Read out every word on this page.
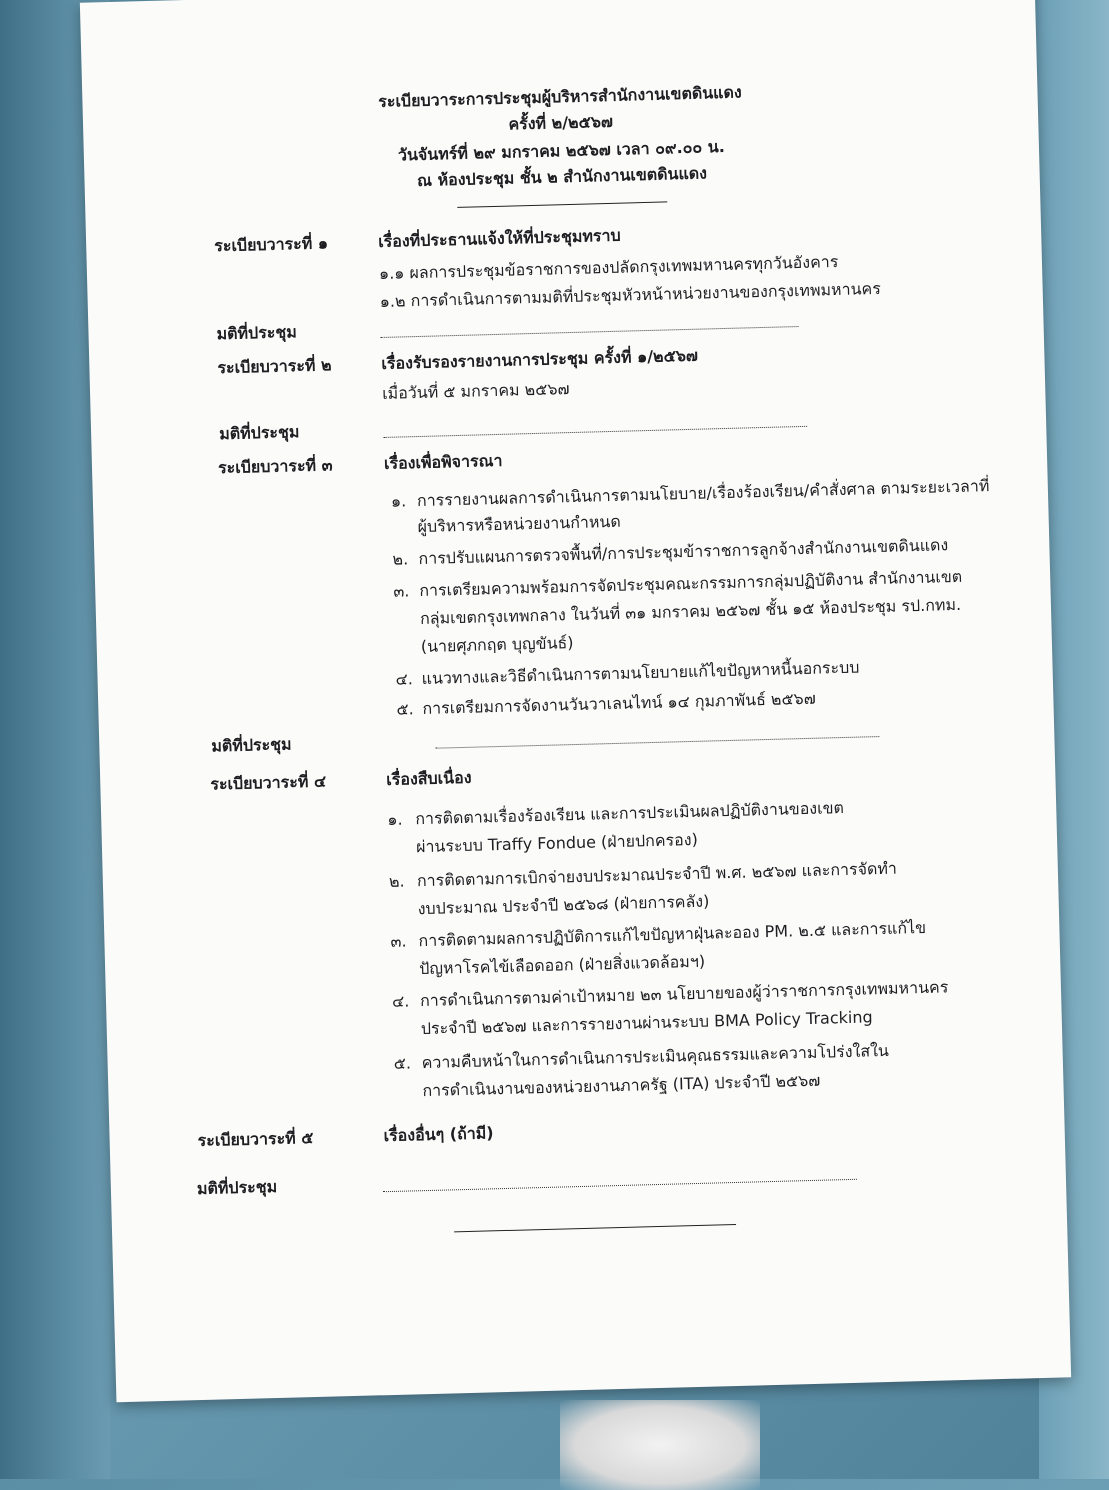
ระเบียบวาระการประชุมผู้บริหารสำนักงานเขตดินแดง
ครั้งที่ ๒/๒๕๖๗
วันจันทร์ที่ ๒๙ มกราคม ๒๕๖๗ เวลา ๐๙.๐๐ น.
ณ ห้องประชุม ชั้น ๒ สำนักงานเขตดินแดง
ระเบียบวาระที่ ๑	เรื่องที่ประธานแจ้งให้ที่ประชุมทราบ
๑.๑ ผลการประชุมข้อราชการของปลัดกรุงเทพมหานครทุกวันอังคาร
๑.๒ การดำเนินการตามมติที่ประชุมหัวหน้าหน่วยงานของกรุงเทพมหานคร
มติที่ประชุม
ระเบียบวาระที่ ๒	เรื่องรับรองรายงานการประชุม ครั้งที่ ๑/๒๕๖๗
เมื่อวันที่ ๕ มกราคม ๒๕๖๗
มติที่ประชุม
ระเบียบวาระที่ ๓	เรื่องเพื่อพิจารณา
๑. การรายงานผลการดำเนินการตามนโยบาย/เรื่องร้องเรียน/คำสั่งศาล ตามระยะเวลาที่
ผู้บริหารหรือหน่วยงานกำหนด
๒. การปรับแผนการตรวจพื้นที่/การประชุมข้าราชการลูกจ้างสำนักงานเขตดินแดง
๓. การเตรียมความพร้อมการจัดประชุมคณะกรรมการกลุ่มปฏิบัติงาน สำนักงานเขต
กลุ่มเขตกรุงเทพกลาง ในวันที่ ๓๑ มกราคม ๒๕๖๗ ชั้น ๑๕ ห้องประชุม รป.กทม.
(นายศุภกฤต บุญขันธ์)
๔. แนวทางและวิธีดำเนินการตามนโยบายแก้ไขปัญหาหนี้นอกระบบ
๕. การเตรียมการจัดงานวันวาเลนไทน์ ๑๔ กุมภาพันธ์ ๒๕๖๗
มติที่ประชุม
ระเบียบวาระที่ ๔	เรื่องสืบเนื่อง
๑. การติดตามเรื่องร้องเรียน และการประเมินผลปฏิบัติงานของเขต
ผ่านระบบ Traffy Fondue (ฝ่ายปกครอง)
๒. การติดตามการเบิกจ่ายงบประมาณประจำปี พ.ศ. ๒๕๖๗ และการจัดทำ
งบประมาณ ประจำปี ๒๕๖๘ (ฝ่ายการคลัง)
๓. การติดตามผลการปฏิบัติการแก้ไขปัญหาฝุ่นละออง PM. ๒.๕ และการแก้ไข
ปัญหาโรคไข้เลือดออก (ฝ่ายสิ่งแวดล้อมฯ)
๔. การดำเนินการตามค่าเป้าหมาย ๒๓ นโยบายของผู้ว่าราชการกรุงเทพมหานคร
ประจำปี ๒๕๖๗ และการรายงานผ่านระบบ BMA Policy Tracking
๕. ความคืบหน้าในการดำเนินการประเมินคุณธรรมและความโปร่งใสใน
การดำเนินงานของหน่วยงานภาครัฐ (ITA) ประจำปี ๒๕๖๗
ระเบียบวาระที่ ๕	เรื่องอื่นๆ (ถ้ามี)
มติที่ประชุม
